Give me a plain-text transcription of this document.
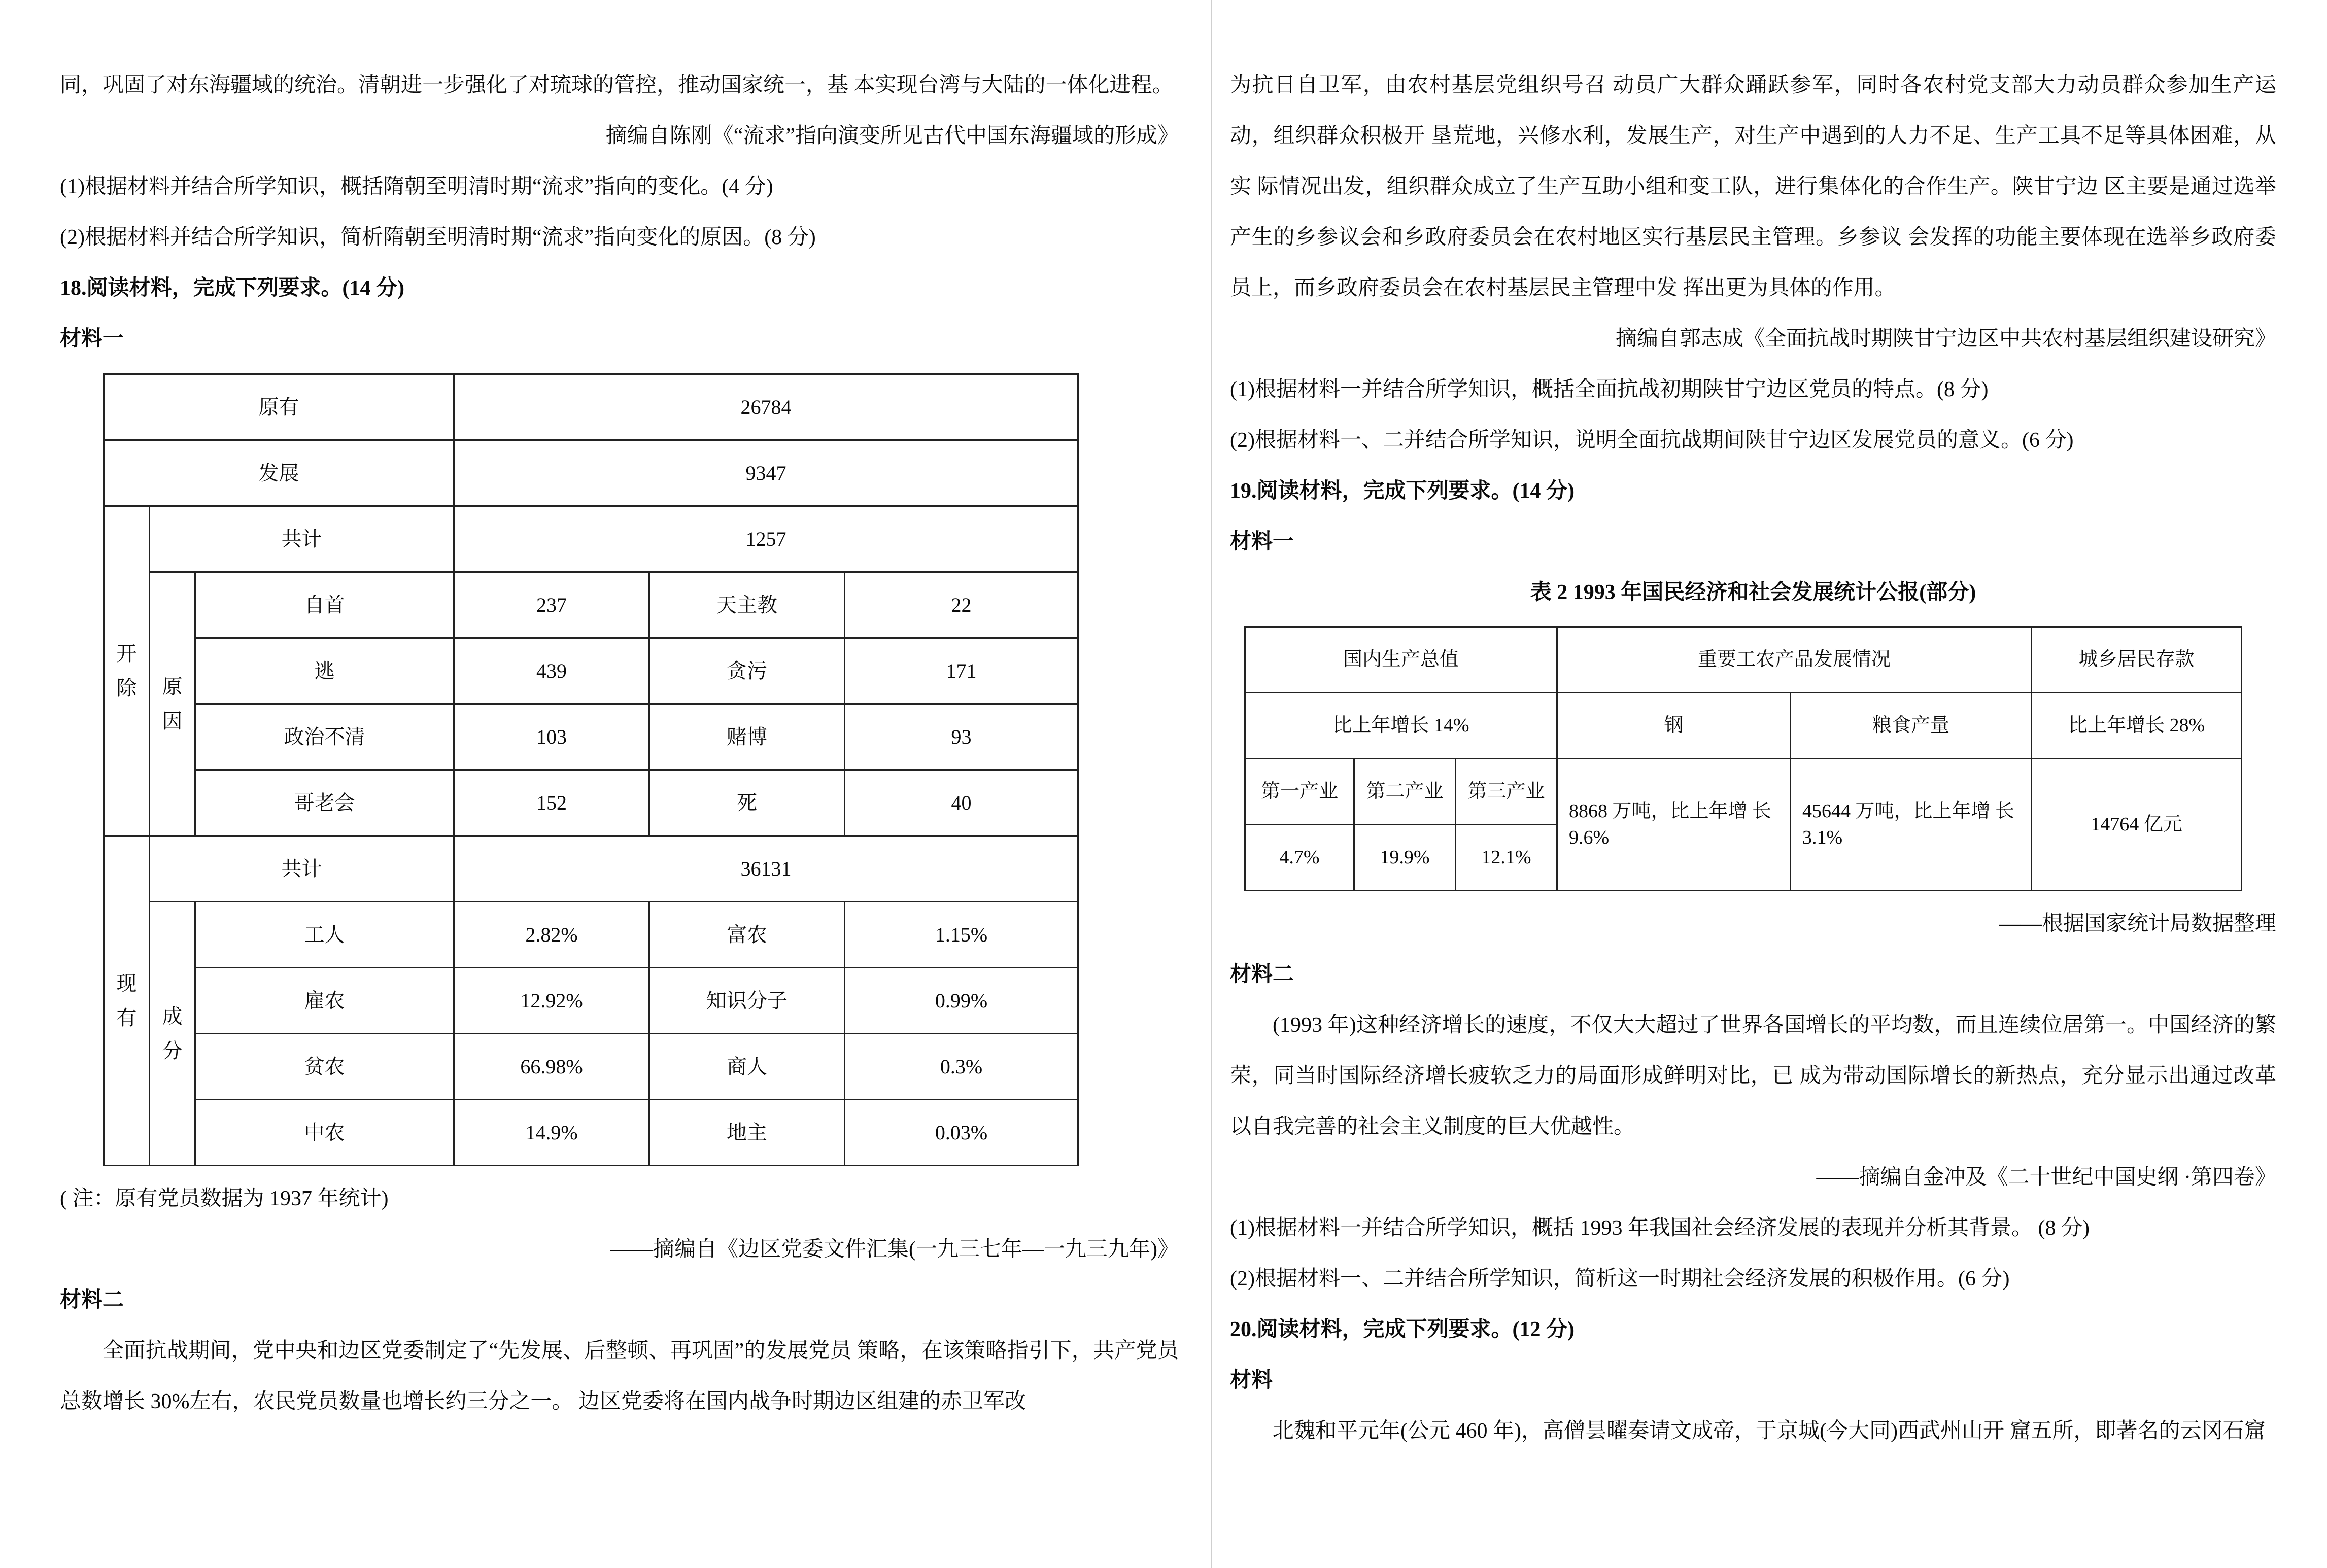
同，巩固了对东海疆域的统治。清朝进一步强化了对琉球的管控，推动国家统一，基 本实现台湾与大陆的一体化进程。

摘编自陈刚《“流求”指向演变所见古代中国东海疆域的形成》

(1)根据材料并结合所学知识，概括隋朝至明清时期“流求”指向的变化。(4 分)

(2)根据材料并结合所学知识，简析隋朝至明清时期“流求”指向变化的原因。(8 分)

18.阅读材料，完成下列要求。(14 分)

材料一

原有			26784		
发展			9347		
开除	共计		1257		
	原因	自首	237	天主教	22
		逃	439	贪污	171
		政治不清	103	赌博	93
		哥老会	152	死	40
现有	共计		36131		
	成分	工人	2.82%	富农	1.15%
		雇农	12.92%	知识分子	0.99%
		贫农	66.98%	商人	0.3%
		中农	14.9%	地主	0.03%

( 注：原有党员数据为 1937 年统计)

——摘编自《边区党委文件汇集(一九三七年—一九三九年)》

材料二

全面抗战期间，党中央和边区党委制定了“先发展、后整顿、再巩固”的发展党员 策略，在该策略指引下，共产党员总数增长 30%左右，农民党员数量也增长约三分之一。 边区党委将在国内战争时期边区组建的赤卫军改

为抗日自卫军，由农村基层党组织号召 动员广大群众踊跃参军，同时各农村党支部大力动员群众参加生产运动，组织群众积极开 垦荒地，兴修水利，发展生产，对生产中遇到的人力不足、生产工具不足等具体困难，从实 际情况出发，组织群众成立了生产互助小组和变工队，进行集体化的合作生产。陕甘宁边 区主要是通过选举产生的乡参议会和乡政府委员会在农村地区实行基层民主管理。乡参议 会发挥的功能主要体现在选举乡政府委员上，而乡政府委员会在农村基层民主管理中发 挥出更为具体的作用。

摘编自郭志成《全面抗战时期陕甘宁边区中共农村基层组织建设研究》

(1)根据材料一并结合所学知识，概括全面抗战初期陕甘宁边区党员的特点。(8 分)

(2)根据材料一、二并结合所学知识，说明全面抗战期间陕甘宁边区发展党员的意义。(6 分)

19.阅读材料，完成下列要求。(14 分)

材料一

表 2 1993 年国民经济和社会发展统计公报(部分)

国内生产总值			重要工农产品发展情况		城乡居民存款
比上年增长 14%			钢	粮食产量	比上年增长 28%
第一产业	第二产业	第三产业	8868 万吨，比上年增 长 9.6%	45644 万吨，比上年增 长 3.1%	14764 亿元
4.7%	19.9%	12.1%			

——根据国家统计局数据整理

材料二

(1993 年)这种经济增长的速度，不仅大大超过了世界各国增长的平均数，而且连续位居第一。中国经济的繁 荣，同当时国际经济增长疲软乏力的局面形成鲜明对比，已 成为带动国际增长的新热点，充分显示出通过改革 以自我完善的社会主义制度的巨大优越性。

——摘编自金冲及《二十世纪中国史纲 ·第四卷》

(1)根据材料一并结合所学知识，概括 1993 年我国社会经济发展的表现并分析其背景。 (8 分)

(2)根据材料一、二并结合所学知识，简析这一时期社会经济发展的积极作用。(6 分)

20.阅读材料，完成下列要求。(12 分)

材料

北魏和平元年(公元 460 年)，高僧昙曜奏请文成帝，于京城(今大同)西武州山开 窟五所，即著名的云冈石窟
